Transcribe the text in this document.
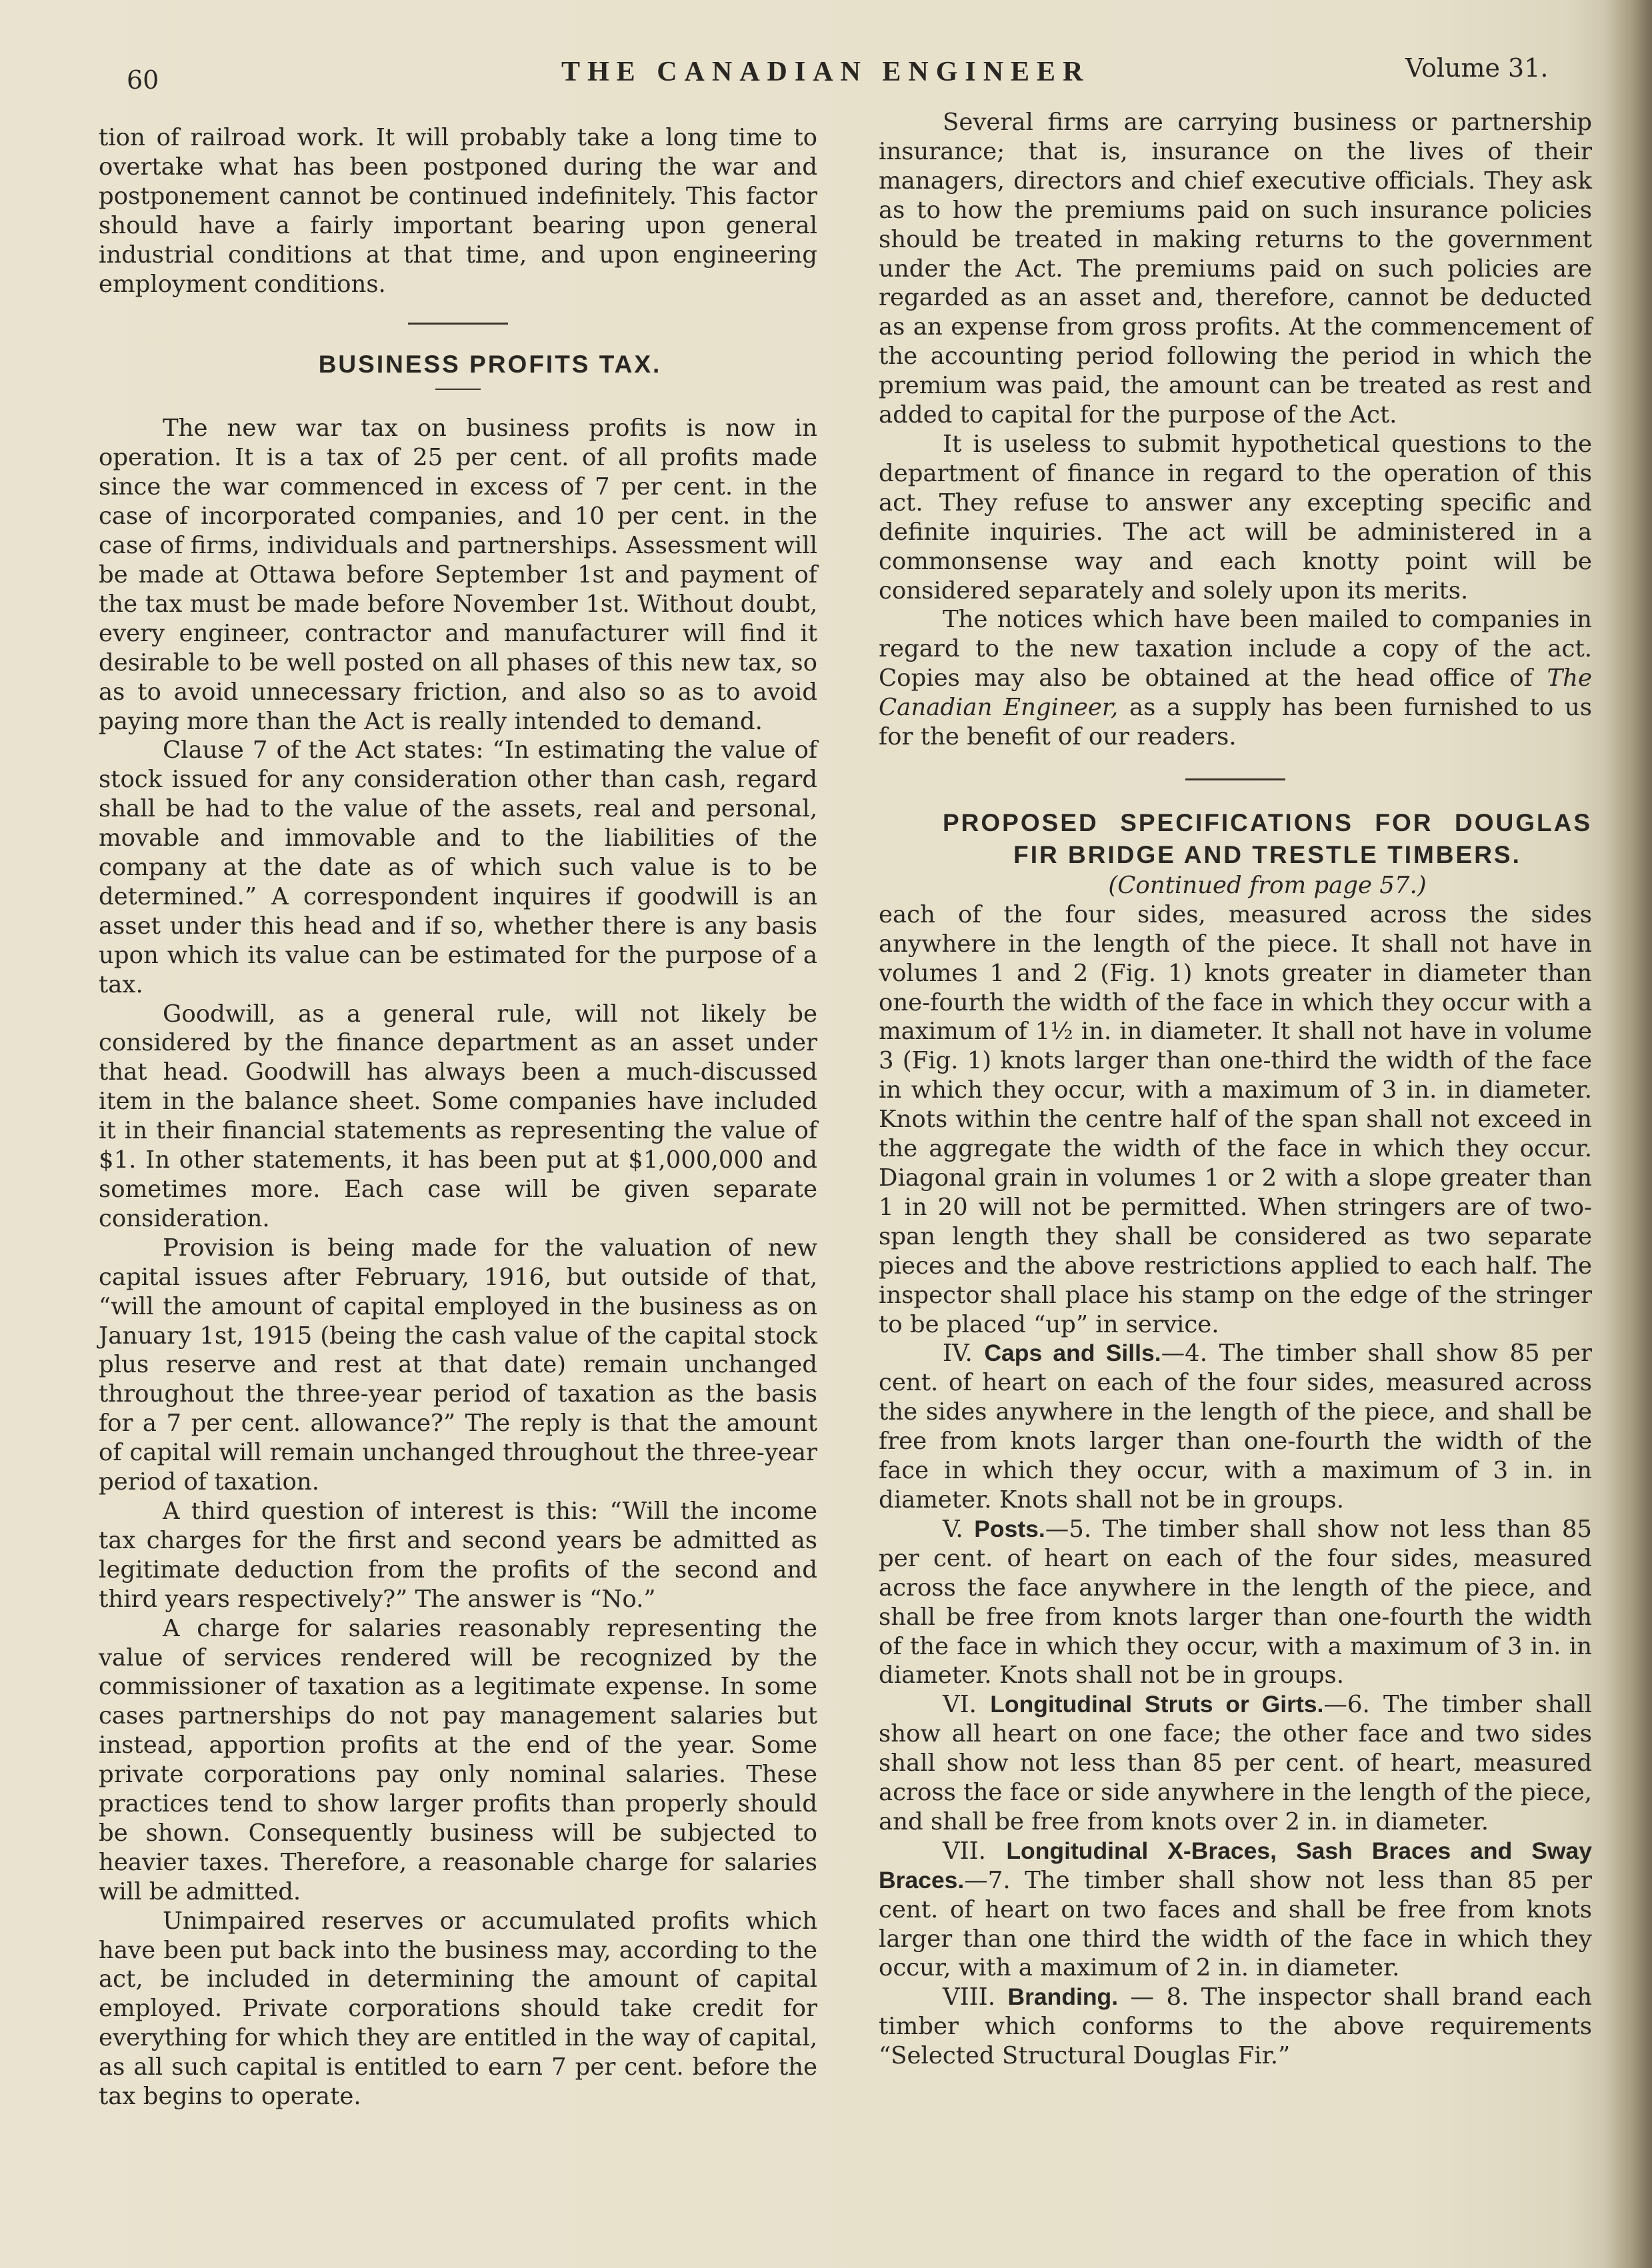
60	THE CANADIAN ENGINEER	Volume 31.

tion of railroad work. It will probably take a long time to overtake what has been postponed during the war and postponement cannot be continued indefinitely. This factor should have a fairly important bearing upon general industrial conditions at that time, and upon engineering employment conditions.

BUSINESS PROFITS TAX.

The new war tax on business profits is now in operation. It is a tax of 25 per cent. of all profits made since the war commenced in excess of 7 per cent. in the case of incorporated companies, and 10 per cent. in the case of firms, individuals and partnerships. Assessment will be made at Ottawa before September 1st and payment of the tax must be made before November 1st. Without doubt, every engineer, contractor and manufacturer will find it desirable to be well posted on all phases of this new tax, so as to avoid unnecessary friction, and also so as to avoid paying more than the Act is really intended to demand.

Clause 7 of the Act states: “In estimating the value of stock issued for any consideration other than cash, regard shall be had to the value of the assets, real and personal, movable and immovable and to the liabilities of the company at the date as of which such value is to be determined.” A correspondent inquires if goodwill is an asset under this head and if so, whether there is any basis upon which its value can be estimated for the purpose of a tax.

Goodwill, as a general rule, will not likely be considered by the finance department as an asset under that head. Goodwill has always been a much-discussed item in the balance sheet. Some companies have included it in their financial statements as representing the value of $1. In other statements, it has been put at $1,000,000 and sometimes more. Each case will be given separate consideration.

Provision is being made for the valuation of new capital issues after February, 1916, but outside of that, “will the amount of capital employed in the business as on January 1st, 1915 (being the cash value of the capital stock plus reserve and rest at that date) remain unchanged throughout the three-year period of taxation as the basis for a 7 per cent. allowance?” The reply is that the amount of capital will remain unchanged throughout the three-year period of taxation.

A third question of interest is this: “Will the income tax charges for the first and second years be admitted as legitimate deduction from the profits of the second and third years respectively?” The answer is “No.”

A charge for salaries reasonably representing the value of services rendered will be recognized by the commissioner of taxation as a legitimate expense. In some cases partnerships do not pay management salaries but instead, apportion profits at the end of the year. Some private corporations pay only nominal salaries. These practices tend to show larger profits than properly should be shown. Consequently business will be subjected to heavier taxes. Therefore, a reasonable charge for salaries will be admitted.

Unimpaired reserves or accumulated profits which have been put back into the business may, according to the act, be included in determining the amount of capital employed. Private corporations should take credit for everything for which they are entitled in the way of capital, as all such capital is entitled to earn 7 per cent. before the tax begins to operate.

Several firms are carrying business or partnership insurance; that is, insurance on the lives of their managers, directors and chief executive officials. They ask as to how the premiums paid on such insurance policies should be treated in making returns to the government under the Act. The premiums paid on such policies are regarded as an asset and, therefore, cannot be deducted as an expense from gross profits. At the commencement of the accounting period following the period in which the premium was paid, the amount can be treated as rest and added to capital for the purpose of the Act.

It is useless to submit hypothetical questions to the department of finance in regard to the operation of this act. They refuse to answer any excepting specific and definite inquiries. The act will be administered in a commonsense way and each knotty point will be considered separately and solely upon its merits.

The notices which have been mailed to companies in regard to the new taxation include a copy of the act. Copies may also be obtained at the head office of The Canadian Engineer, as a supply has been furnished to us for the benefit of our readers.

PROPOSED SPECIFICATIONS FOR DOUGLAS

FIR BRIDGE AND TRESTLE TIMBERS.

(Continued from page 57.)

each of the four sides, measured across the sides anywhere in the length of the piece. It shall not have in volumes 1 and 2 (Fig. 1) knots greater in diameter than one-fourth the width of the face in which they occur with a maximum of 1½ in. in diameter. It shall not have in volume 3 (Fig. 1) knots larger than one-third the width of the face in which they occur, with a maximum of 3 in. in diameter. Knots within the centre half of the span shall not exceed in the aggregate the width of the face in which they occur. Diagonal grain in volumes 1 or 2 with a slope greater than 1 in 20 will not be permitted. When stringers are of two-span length they shall be considered as two separate pieces and the above restrictions applied to each half. The inspector shall place his stamp on the edge of the stringer to be placed “up” in service.

IV. Caps and Sills.—4. The timber shall show 85 per cent. of heart on each of the four sides, measured across the sides anywhere in the length of the piece, and shall be free from knots larger than one-fourth the width of the face in which they occur, with a maximum of 3 in. in diameter. Knots shall not be in groups.

V. Posts.—5. The timber shall show not less than 85 per cent. of heart on each of the four sides, measured across the face anywhere in the length of the piece, and shall be free from knots larger than one-fourth the width of the face in which they occur, with a maximum of 3 in. in diameter. Knots shall not be in groups.

VI. Longitudinal Struts or Girts.—6. The timber shall show all heart on one face; the other face and two sides shall show not less than 85 per cent. of heart, measured across the face or side anywhere in the length of the piece, and shall be free from knots over 2 in. in diameter.

VII. Longitudinal X-Braces, Sash Braces and Sway Braces.—7. The timber shall show not less than 85 per cent. of heart on two faces and shall be free from knots larger than one third the width of the face in which they occur, with a maximum of 2 in. in diameter.

VIII. Branding. — 8. The inspector shall brand each timber which conforms to the above requirements “Selected Structural Douglas Fir.”
